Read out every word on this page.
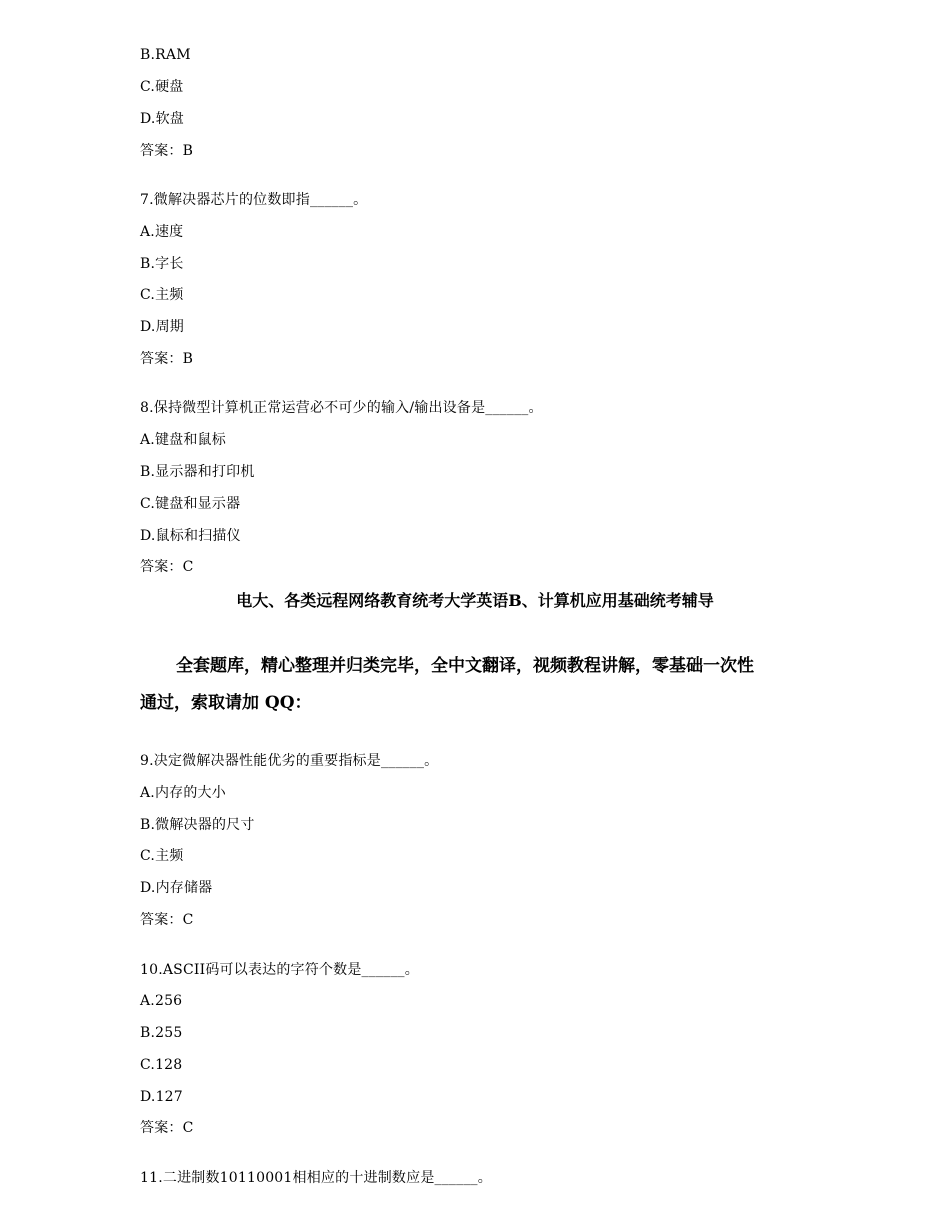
B.RAM
C.硬盘
D.软盘
答案：B
7.微解决器芯片的位数即指______。
A.速度
B.字长
C.主频
D.周期
答案：B
8.保持微型计算机正常运营必不可少的输入/输出设备是______。
A.键盘和鼠标
B.显示器和打印机
C.键盘和显示器
D.鼠标和扫描仪
答案：C
电大、各类远程网络教育统考大学英语B、计算机应用基础统考辅导
全套题库，精心整理并归类完毕，全中文翻译，视频教程讲解，零基础一次性
通过，索取请加 QQ：
9.决定微解决器性能优劣的重要指标是______。
A.内存的大小
B.微解决器的尺寸
C.主频
D.内存储器
答案：C
10.ASCII码可以表达的字符个数是______。
A.256
B.255
C.128
D.127
答案：C
11.二进制数10110001相相应的十进制数应是______。
